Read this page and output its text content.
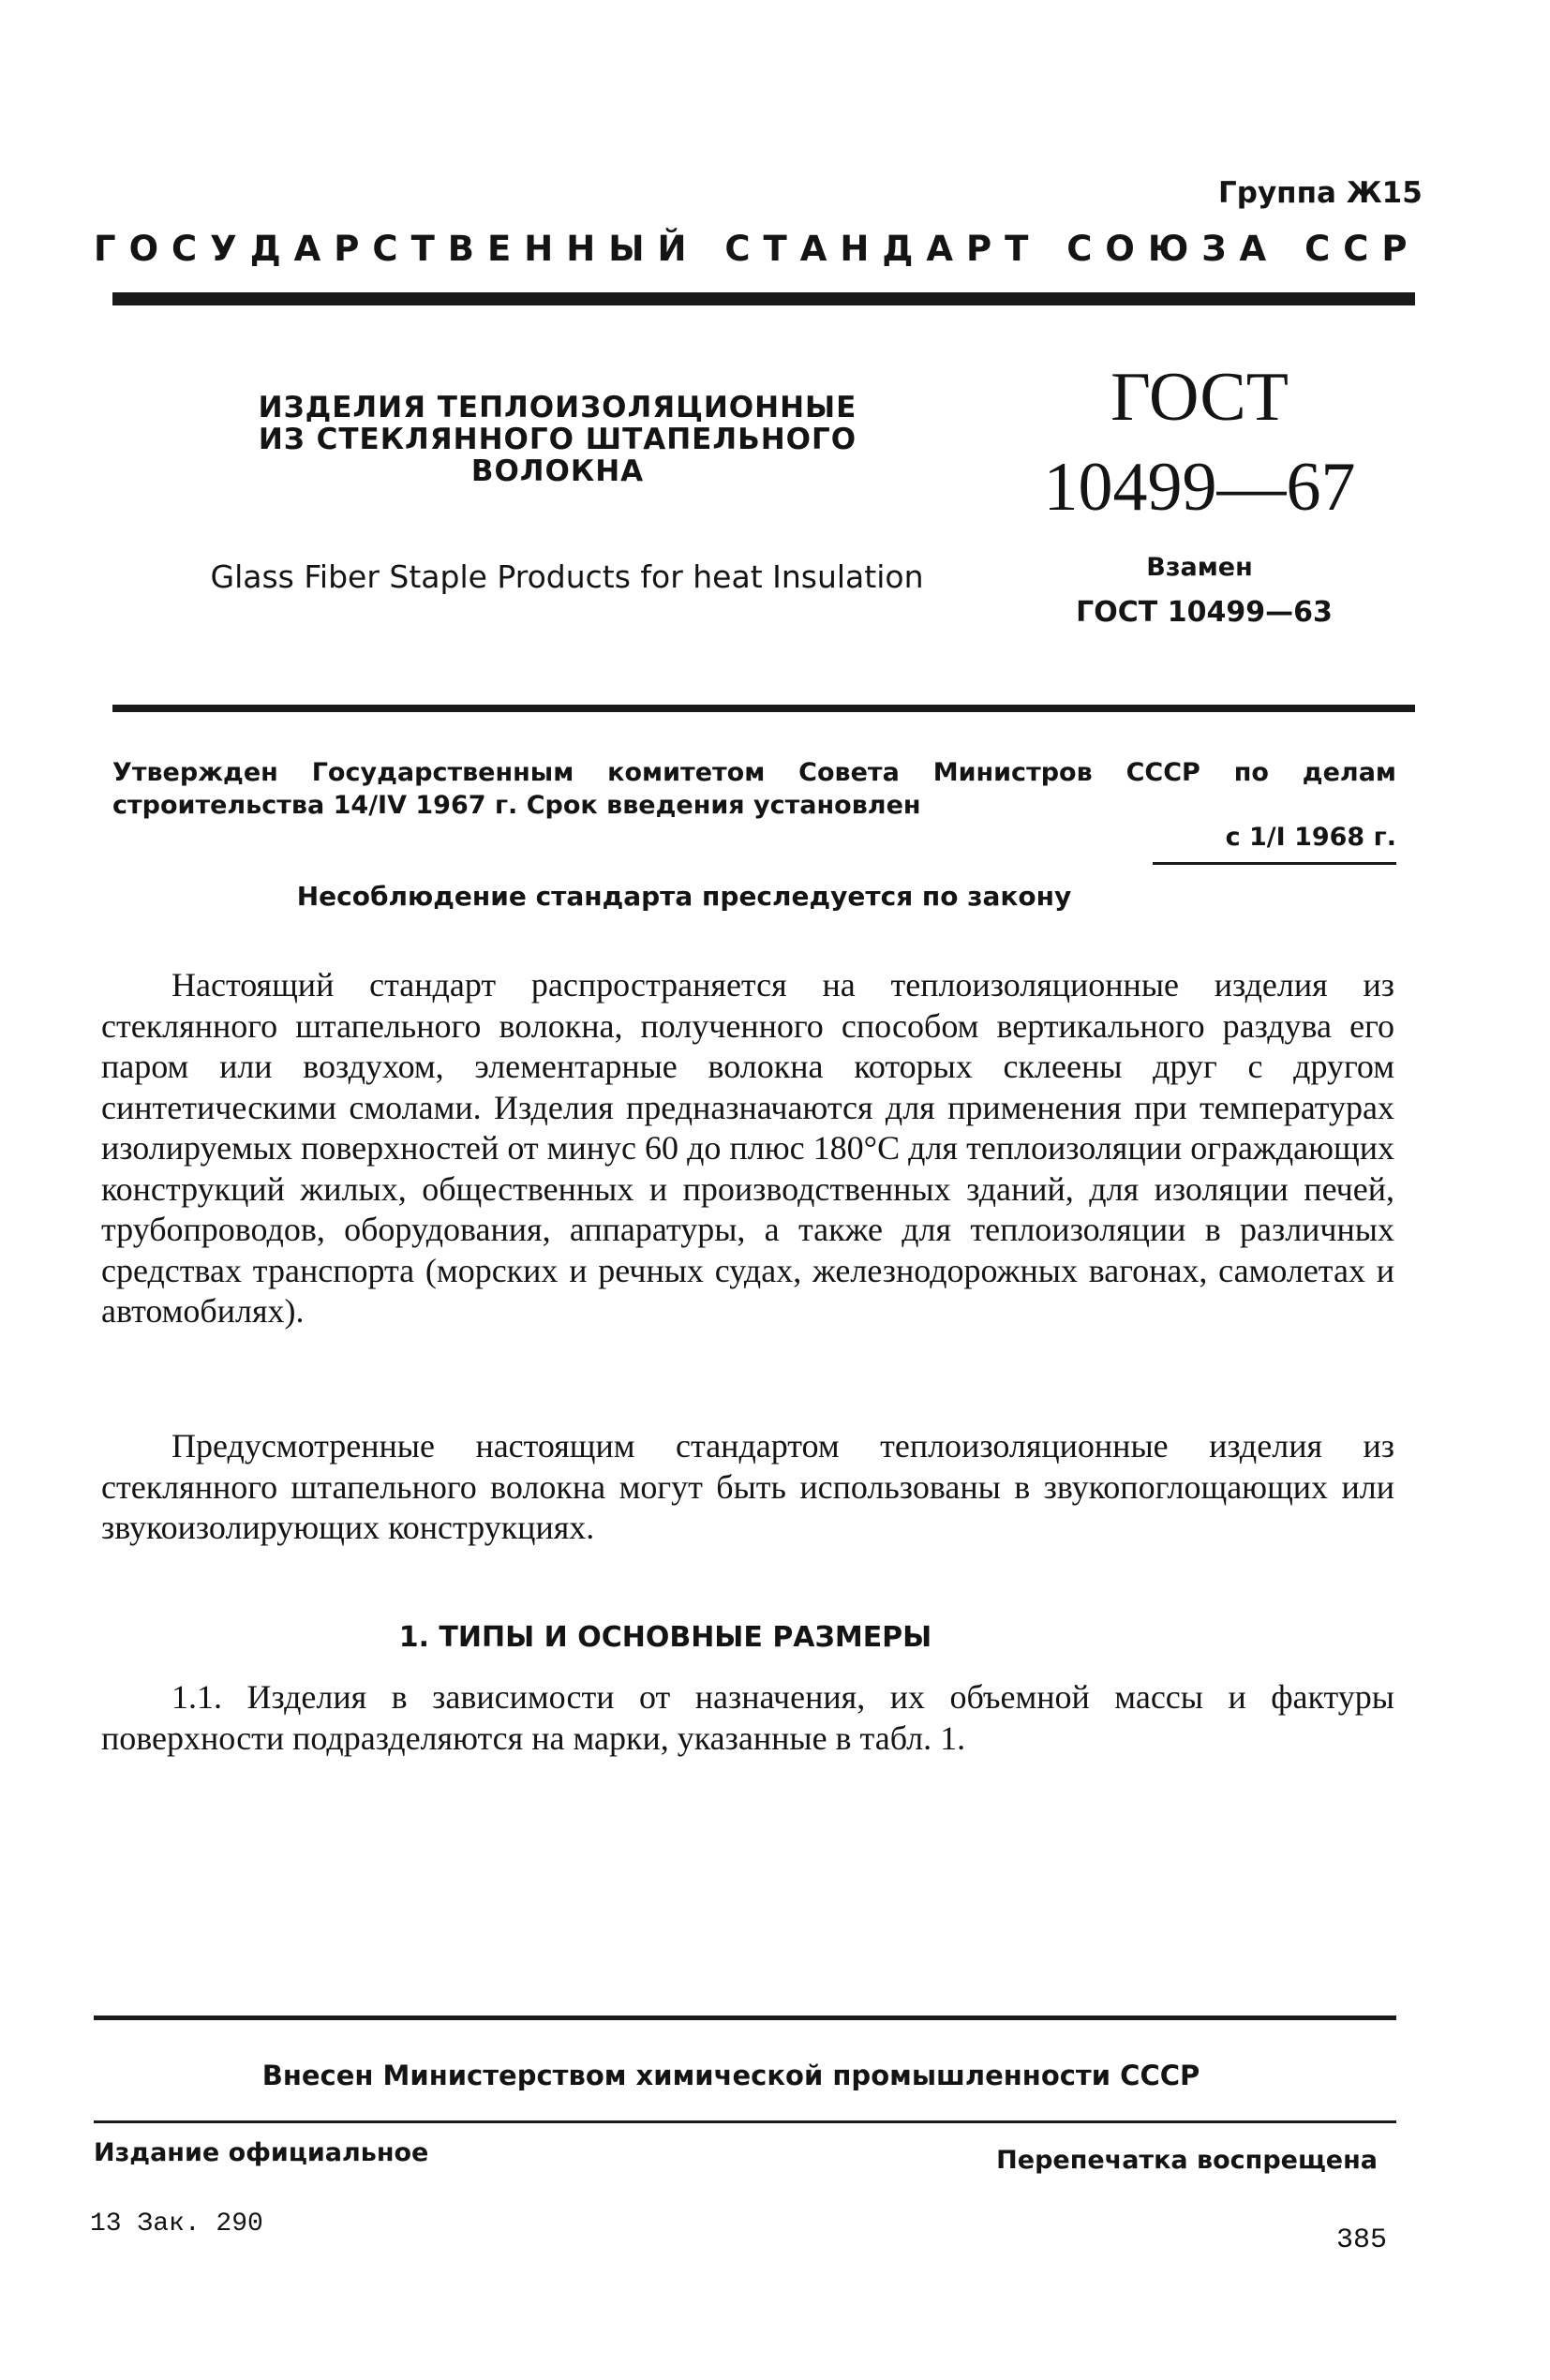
Группа Ж15
ГОСУДАРСТВЕННЫЙ СТАНДАРТ СОЮЗА ССР
ИЗДЕЛИЯ ТЕПЛОИЗОЛЯЦИОННЫЕ
ИЗ СТЕКЛЯННОГО ШТАПЕЛЬНОГО
ВОЛОКНА
Glass Fiber Staple Products for heat Insulation
ГОСТ
10499—67
Взамен
ГОСТ 10499—63
Утвержден Государственным комитетом Совета Министров СССР по делам
строительства 14/IV 1967 г. Срок введения установлен
с 1/I 1968 г.
Несоблюдение стандарта преследуется по закону
Настоящий стандарт распространяется на теплоизоляционные изделия из стеклянного штапельного волокна, полученного способом вертикального раздува его паром или воздухом, элементарные волокна которых склеены друг с другом синтетическими смолами. Изделия предназначаются для применения при температурах изолируемых поверхностей от минус 60 до плюс 180°С для теплоизоляции ограждающих конструкций жилых, общественных и производственных зданий, для изоляции печей, трубопроводов, оборудования, аппаратуры, а также для теплоизоляции в различных средствах транспорта (морских и речных судах, железнодорожных вагонах, самолетах и автомобилях).
Предусмотренные настоящим стандартом теплоизоляционные изделия из стеклянного штапельного волокна могут быть использованы в звукопоглощающих или звукоизолирующих конструкциях.
1. ТИПЫ И ОСНОВНЫЕ РАЗМЕРЫ
1.1. Изделия в зависимости от назначения, их объемной массы и фактуры поверхности подразделяются на марки, указанные в табл. 1.
Внесен Министерством химической промышленности СССР
Издание официальное	Перепечатка воспрещена
13 Зак. 290
385
